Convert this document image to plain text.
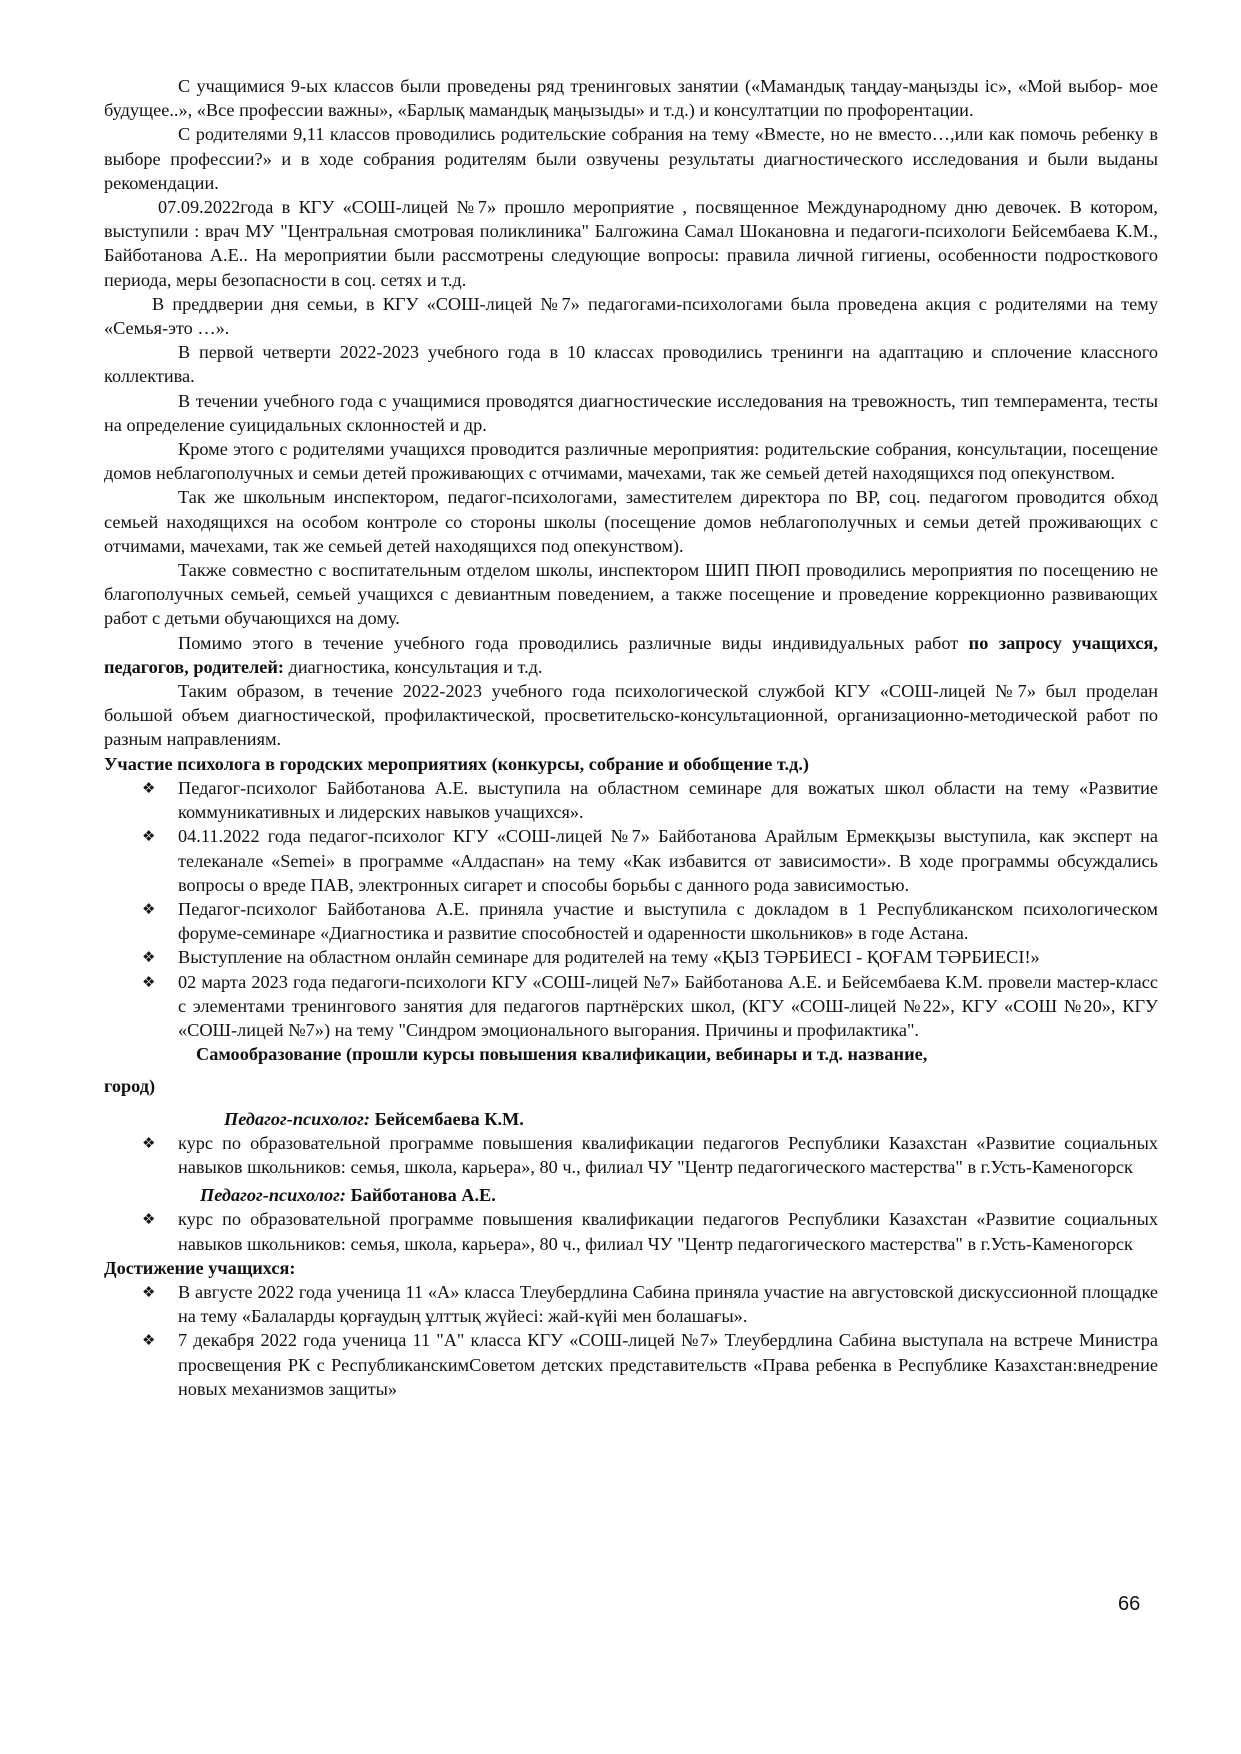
С учащимися 9-ых классов были проведены ряд тренинговых занятии («Мамандық таңдау-маңызды іс», «Мой выбор- мое будущее..», «Все профессии важны», «Барлық мамандық маңызыды» и т.д.) и консултатции по профорентации.

С родителями 9,11 классов проводились родительские собрания на тему «Вместе, но не вместо…,или как помочь ребенку в выборе профессии?» и в ходе собрания родителям были озвучены результаты диагностического исследования и были выданы рекомендации.

07.09.2022года в КГУ «СОШ-лицей №7» прошло мероприятие , посвященное Международному дню девочек. В котором, выступили : врач МУ "Центральная смотровая поликлиника" Балгожина Самал Шокановна и педагоги-психологи Бейсембаева К.М., Байботанова А.Е.. На мероприятии были рассмотрены следующие вопросы: правила личной гигиены, особенности подросткового периода, меры безопасности в соц. сетях и т.д.

В преддверии дня семьи, в КГУ «СОШ-лицей №7» педагогами-психологами была проведена акция с родителями на тему «Семья-это …».

В первой четверти 2022-2023 учебного года в 10 классах проводились тренинги на адаптацию и сплочение классного коллектива.

В течении учебного года с учащимися проводятся диагностические исследования на тревожность, тип темперамента, тесты на определение суицидальных склонностей и др.

Кроме этого с родителями учащихся проводится различные мероприятия: родительские собрания, консультации, посещение домов неблагополучных и семьи детей проживающих с отчимами, мачехами, так же семьей детей находящихся под опекунством.

Так же школьным инспектором, педагог-психологами, заместителем директора по ВР, соц. педагогом проводится обход семьей находящихся на особом контроле со стороны школы (посещение домов неблагополучных и семьи детей проживающих с отчимами, мачехами, так же семьей детей находящихся под опекунством).

Также совместно с воспитательным отделом школы, инспектором ШИП ПЮП проводились мероприятия по посещению не благополучных семьей, семьей учащихся с девиантным поведением, а также посещение и проведение коррекционно развивающих работ с детьми обучающихся на дому.

Помимо этого в течение учебного года проводились различные виды индивидуальных работ по запросу учащихся, педагогов, родителей: диагностика, консультация и т.д.

Таким образом, в течение 2022-2023 учебного года психологической службой КГУ «СОШ-лицей №7» был проделан большой объем диагностической, профилактической, просветительско-консультационной, организационно-методической работ по разным направлениям.

Участие психолога в городских мероприятиях (конкурсы, собрание и обобщение т.д.)

❖ Педагог-психолог Байботанова А.Е. выступила на областном семинаре для вожатых школ области на тему «Развитие коммуникативных и лидерских навыков учащихся».
❖ 04.11.2022 года педагог-психолог КГУ «СОШ-лицей №7» Байботанова Арайлым Ермекқызы выступила, как эксперт на телеканале «Semei» в программе «Алдаспан» на тему «Как избавится от зависимости». В ходе программы обсуждались вопросы о вреде ПАВ, электронных сигарет и способы борьбы с данного рода зависимостью.
❖ Педагог-психолог Байботанова А.Е. приняла участие и выступила с докладом в 1 Республиканском психологическом форуме-семинаре «Диагностика и развитие способностей и одаренности школьников» в годе Астана.
❖ Выступление на областном онлайн семинаре для родителей на тему «ҚЫЗ ТӘРБИЕСІ - ҚОҒАМ ТӘРБИЕСІ!»
❖ 02 марта 2023 года педагоги-психологи КГУ «СОШ-лицей №7» Байботанова А.Е. и Бейсембаева К.М. провели мастер-класс с элементами тренингового занятия для педагогов партнёрских школ, (КГУ «СОШ-лицей №22», КГУ «СОШ №20», КГУ «СОШ-лицей №7») на тему "Синдром эмоционального выгорания. Причины и профилактика".

Самообразование (прошли курсы повышения квалификации, вебинары и т.д. название,

город)

Педагог-психолог: Бейсембаева К.М.

❖ курс по образовательной программе повышения квалификации педагогов Республики Казахстан «Развитие социальных навыков школьников: семья, школа, карьера», 80 ч., филиал ЧУ "Центр педагогического мастерства" в г.Усть-Каменогорск

Педагог-психолог: Байботанова А.Е.

❖ курс по образовательной программе повышения квалификации педагогов Республики Казахстан «Развитие социальных навыков школьников: семья, школа, карьера», 80 ч., филиал ЧУ "Центр педагогического мастерства" в г.Усть-Каменогорск

Достижение учащихся:

❖ В августе 2022 года ученица 11 «А» класса Тлеубердлина Сабина приняла участие на августовской дискуссионной площадке на тему «Балаларды қорғаудың ұлттық жүйесі: жай-күйі мен болашағы».
❖ 7 декабря 2022 года ученица 11 "А" класса КГУ «СОШ-лицей №7» Тлеубердлина Сабина выступала на встрече Министра просвещения РК с РеспубликанскимСоветом детских представительств «Права ребенка в Республике Казахстан:внедрение новых механизмов защиты»
66
